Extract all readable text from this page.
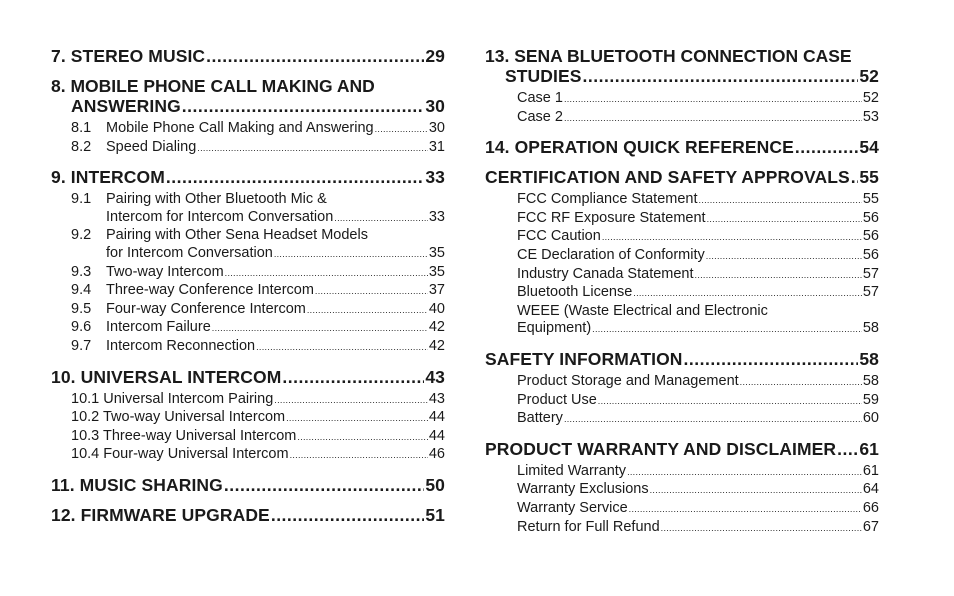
7. STEREO MUSIC .....	29
8. MOBILE PHONE CALL MAKING AND
ANSWERING .....	30
8.1	Mobile Phone Call Making and Answering .....	30
8.2	Speed Dialing .....	31
9. INTERCOM .....	33
9.1	Pairing with Other Bluetooth Mic &
Intercom for Intercom Conversation .....	33
9.2	Pairing with Other Sena Headset Models
for Intercom Conversation .....	35
9.3	Two-way Intercom .....	35
9.4	Three-way Conference Intercom .....	37
9.5	Four-way Conference Intercom .....	40
9.6	Intercom Failure .....	42
9.7	Intercom Reconnection .....	42
10. UNIVERSAL INTERCOM .....	43
10.1 Universal Intercom Pairing .....	43
10.2 Two-way Universal Intercom .....	44
10.3 Three-way Universal Intercom .....	44
10.4 Four-way Universal Intercom .....	46
11. MUSIC SHARING .....	50
12. FIRMWARE UPGRADE .....	51
13. SENA BLUETOOTH CONNECTION CASE
STUDIES .....	52
Case 1 .....	52
Case 2 .....	53
14. OPERATION QUICK REFERENCE .....	54
CERTIFICATION AND SAFETY APPROVALS ..... 55
FCC Compliance Statement .....	55
FCC RF Exposure Statement .....	56
FCC Caution .....	56
CE Declaration of Conformity .....	56
Industry Canada Statement .....	57
Bluetooth License .....	57
WEEE (Waste Electrical and Electronic
Equipment) .....	58
SAFETY INFORMATION .....	58
Product Storage and Management .....	58
Product Use .....	59
Battery .....	60
PRODUCT WARRANTY AND DISCLAIMER ..... 61
Limited Warranty .....	61
Warranty Exclusions .....	64
Warranty Service .....	66
Return for Full Refund .....	67
